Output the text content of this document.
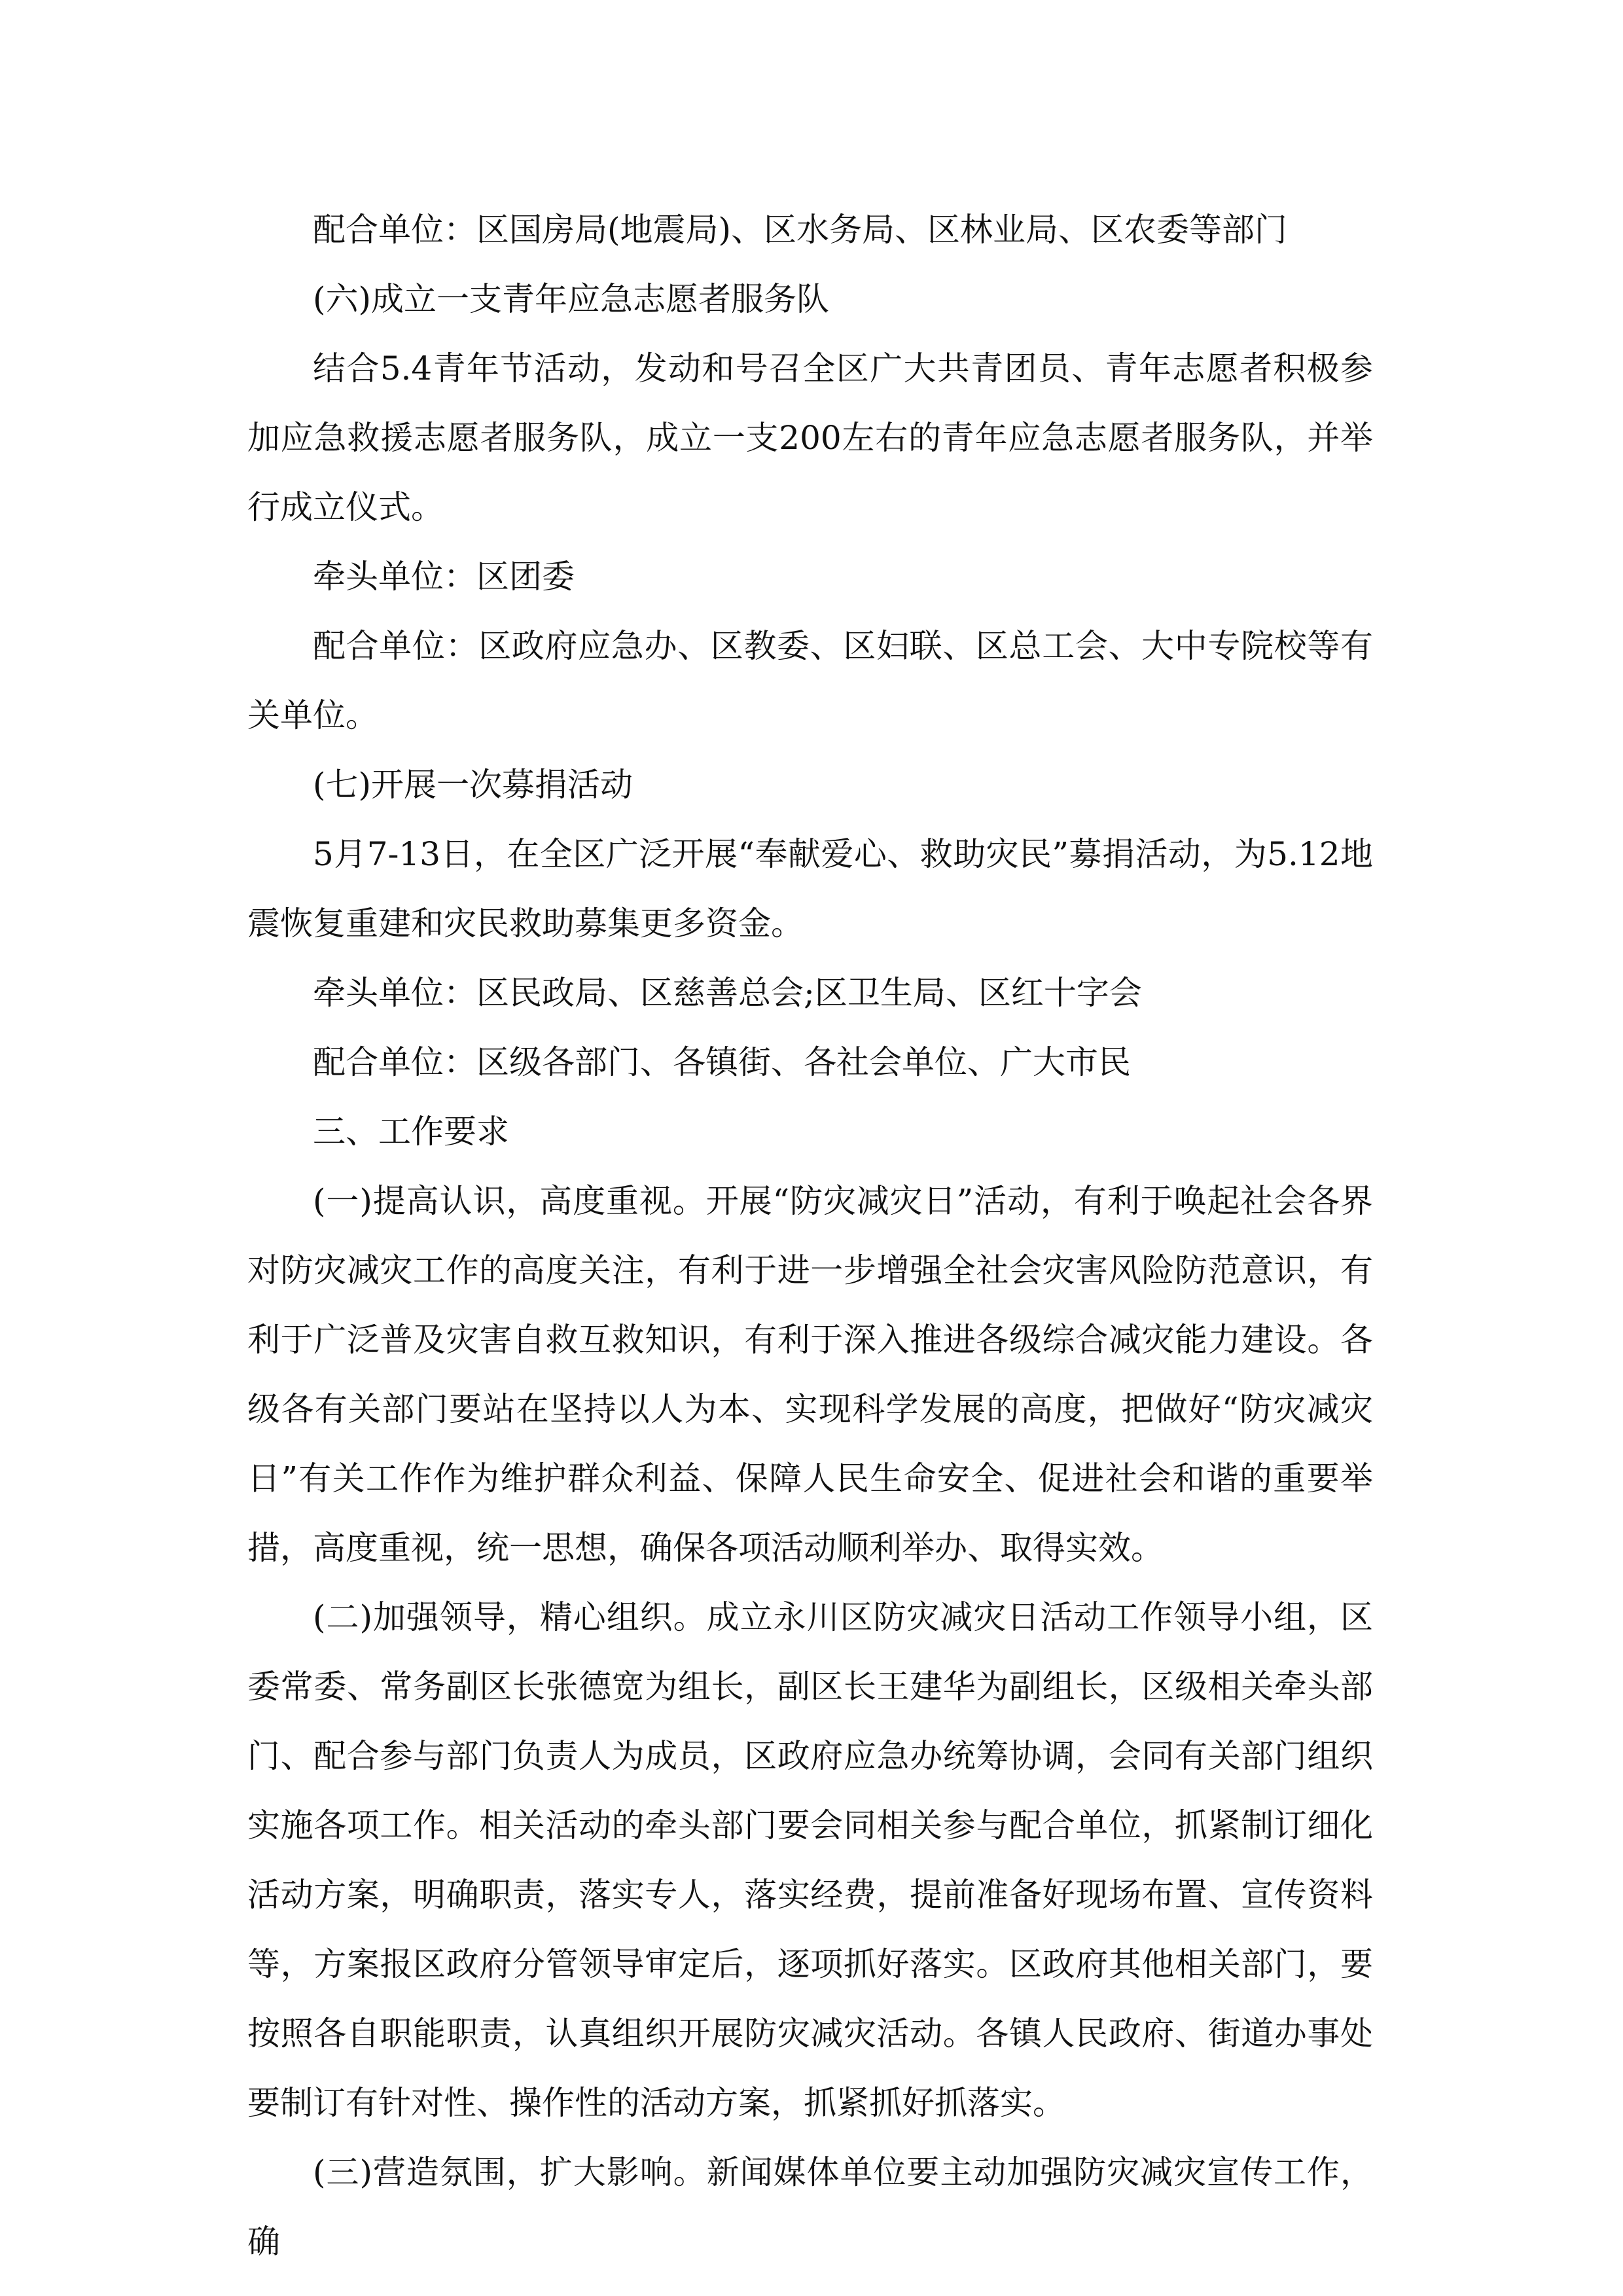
配合单位：区国房局(地震局)、区水务局、区林业局、区农委等部门

(六)成立一支青年应急志愿者服务队

结合5.4青年节活动，发动和号召全区广大共青团员、青年志愿者积极参加应急救援志愿者服务队，成立一支200左右的青年应急志愿者服务队，并举行成立仪式。

牵头单位：区团委

配合单位：区政府应急办、区教委、区妇联、区总工会、大中专院校等有关单位。

(七)开展一次募捐活动

5月7-13日，在全区广泛开展“奉献爱心、救助灾民”募捐活动，为5.12地震恢复重建和灾民救助募集更多资金。

牵头单位：区民政局、区慈善总会;区卫生局、区红十字会

配合单位：区级各部门、各镇街、各社会单位、广大市民

三、工作要求

(一)提高认识，高度重视。开展“防灾减灾日”活动，有利于唤起社会各界对防灾减灾工作的高度关注，有利于进一步增强全社会灾害风险防范意识，有利于广泛普及灾害自救互救知识，有利于深入推进各级综合减灾能力建设。各级各有关部门要站在坚持以人为本、实现科学发展的高度，把做好“防灾减灾日”有关工作作为维护群众利益、保障人民生命安全、促进社会和谐的重要举措，高度重视，统一思想，确保各项活动顺利举办、取得实效。

(二)加强领导，精心组织。成立永川区防灾减灾日活动工作领导小组，区委常委、常务副区长张德宽为组长，副区长王建华为副组长，区级相关牵头部门、配合参与部门负责人为成员，区政府应急办统筹协调，会同有关部门组织实施各项工作。相关活动的牵头部门要会同相关参与配合单位，抓紧制订细化活动方案，明确职责，落实专人，落实经费，提前准备好现场布置、宣传资料等，方案报区政府分管领导审定后，逐项抓好落实。区政府其他相关部门，要按照各自职能职责，认真组织开展防灾减灾活动。各镇人民政府、街道办事处要制订有针对性、操作性的活动方案，抓紧抓好抓落实。

(三)营造氛围，扩大影响。新闻媒体单位要主动加强防灾减灾宣传工作，确
